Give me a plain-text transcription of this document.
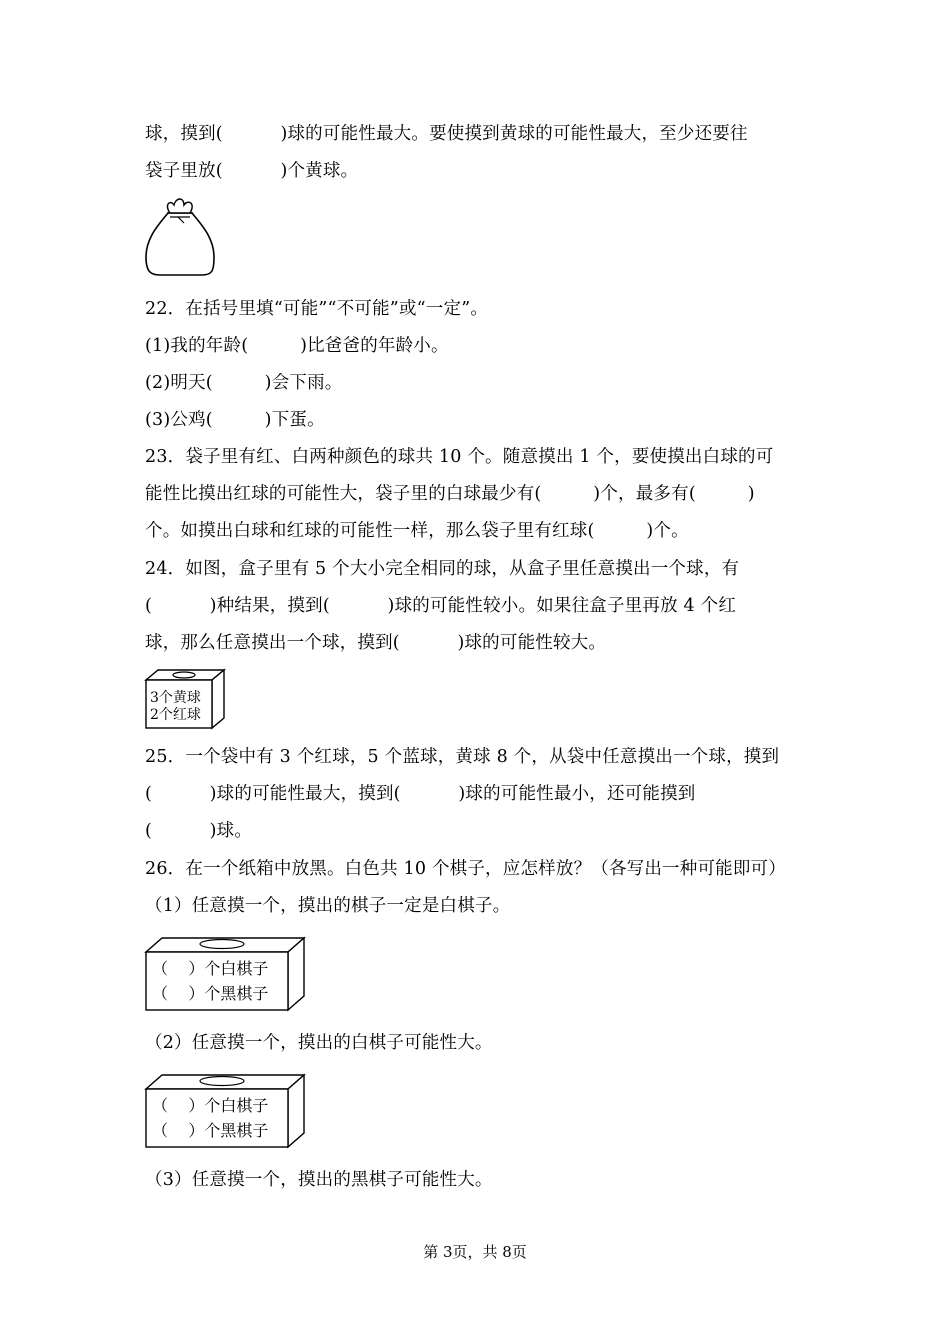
球，摸到(          )球的可能性最大。要使摸到黄球的可能性最大，至少还要往
袋子里放(          )个黄球。
22．在括号里填“可能”“不可能”或“一定”。
(1)我的年龄(         )比爸爸的年龄小。
(2)明天(         )会下雨。
(3)公鸡(         )下蛋。
23．袋子里有红、白两种颜色的球共 10 个。随意摸出 1 个，要使摸出白球的可
能性比摸出红球的可能性大，袋子里的白球最少有(         )个，最多有(         )
个。如摸出白球和红球的可能性一样，那么袋子里有红球(         )个。
24．如图，盒子里有 5 个大小完全相同的球，从盒子里任意摸出一个球，有
(          )种结果，摸到(          )球的可能性较小。如果往盒子里再放 4 个红
球，那么任意摸出一个球，摸到(          )球的可能性较大。
3个黄球
2个红球
25．一个袋中有 3 个红球，5 个蓝球，黄球 8 个，从袋中任意摸出一个球，摸到
(          )球的可能性最大，摸到(          )球的可能性最小，还可能摸到
(          )球。
26．在一个纸箱中放黑。白色共 10 个棋子，应怎样放？（各写出一种可能即可）
（1）任意摸一个，摸出的棋子一定是白棋子。
（    ）个白棋子
（    ）个黑棋子
（2）任意摸一个，摸出的白棋子可能性大。
（    ）个白棋子
（    ）个黑棋子
（3）任意摸一个，摸出的黑棋子可能性大。
第 3页，共 8页
